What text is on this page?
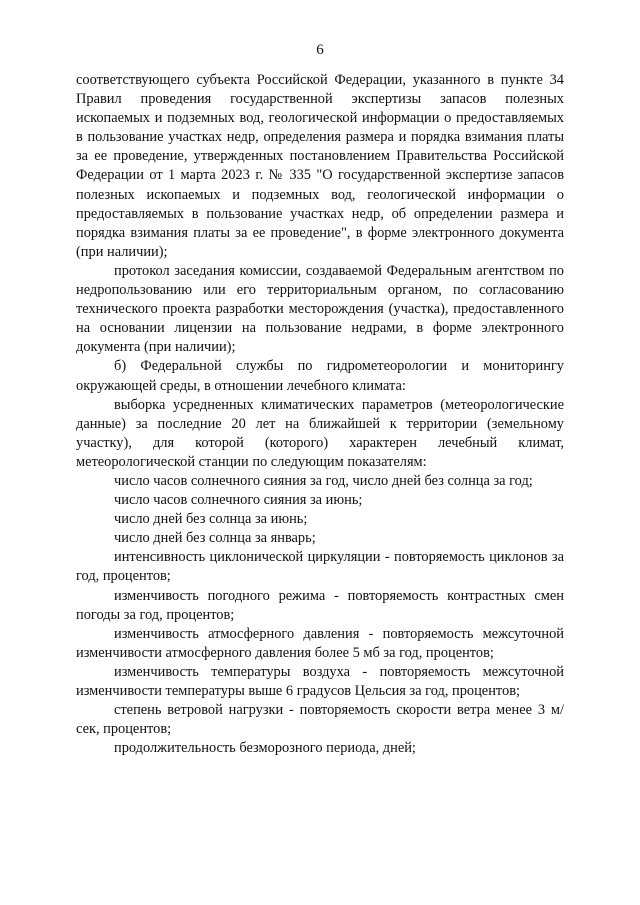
6

соответствующего субъекта Российской Федерации, указанного в пункте 34 Правил проведения государственной экспертизы запасов полезных ископаемых и подземных вод, геологической информации о предоставляемых в пользование участках недр, определения размера и порядка взимания платы за ее проведение, утвержденных постановлением Правительства Российской Федерации от 1 марта 2023 г. № 335 "О государственной экспертизе запасов полезных ископаемых и подземных вод, геологической информации о предоставляемых в пользование участках недр, об определении размера и порядка взимания платы за ее проведение", в форме электронного документа (при наличии);

протокол заседания комиссии, создаваемой Федеральным агентством по недропользованию или его территориальным органом, по согласованию технического проекта разработки месторождения (участка), предоставленного на основании лицензии на пользование недрами, в форме электронного документа (при наличии);

б) Федеральной службы по гидрометеорологии и мониторингу окружающей среды, в отношении лечебного климата:

выборка усредненных климатических параметров (метеорологические данные) за последние 20 лет на ближайшей к территории (земельному участку), для которой (которого) характерен лечебный климат, метеорологической станции по следующим показателям:

число часов солнечного сияния за год, число дней без солнца за год;

число часов солнечного сияния за июнь;

число дней без солнца за июнь;

число дней без солнца за январь;

интенсивность циклонической циркуляции - повторяемость циклонов за год, процентов;

изменчивость погодного режима - повторяемость контрастных смен погоды за год, процентов;

изменчивость атмосферного давления - повторяемость межсуточной изменчивости атмосферного давления более 5 мб за год, процентов;

изменчивость температуры воздуха - повторяемость межсуточной изменчивости температуры выше 6 градусов Цельсия за год, процентов;

степень ветровой нагрузки - повторяемость скорости ветра менее 3 м/сек, процентов;

продолжительность безморозного периода, дней;
